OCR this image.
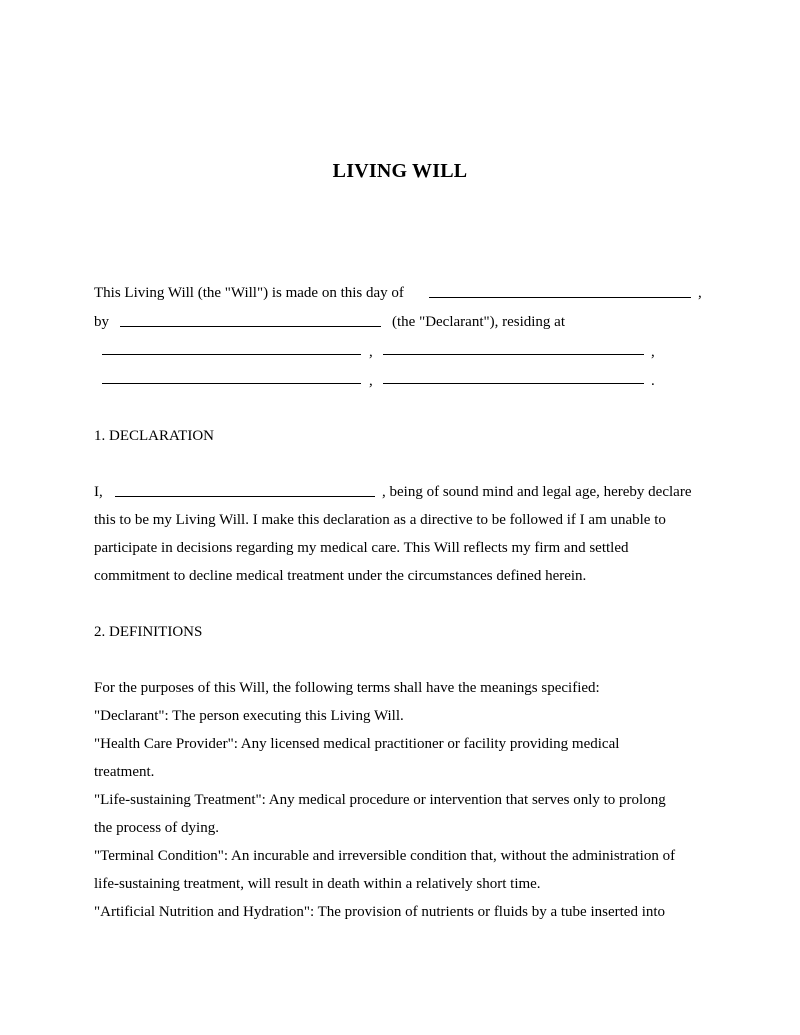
LIVING WILL
This Living Will (the "Will") is made on this day of	,
by	(the "Declarant"), residing at
,	,
,	.
1. DECLARATION
I,	, being of sound mind and legal age, hereby declare
this to be my Living Will. I make this declaration as a directive to be followed if I am unable to
participate in decisions regarding my medical care. This Will reflects my firm and settled
commitment to decline medical treatment under the circumstances defined herein.
2. DEFINITIONS
For the purposes of this Will, the following terms shall have the meanings specified:
"Declarant": The person executing this Living Will.
"Health Care Provider": Any licensed medical practitioner or facility providing medical
treatment.
"Life-sustaining Treatment": Any medical procedure or intervention that serves only to prolong
the process of dying.
"Terminal Condition": An incurable and irreversible condition that, without the administration of
life-sustaining treatment, will result in death within a relatively short time.
"Artificial Nutrition and Hydration": The provision of nutrients or fluids by a tube inserted into
